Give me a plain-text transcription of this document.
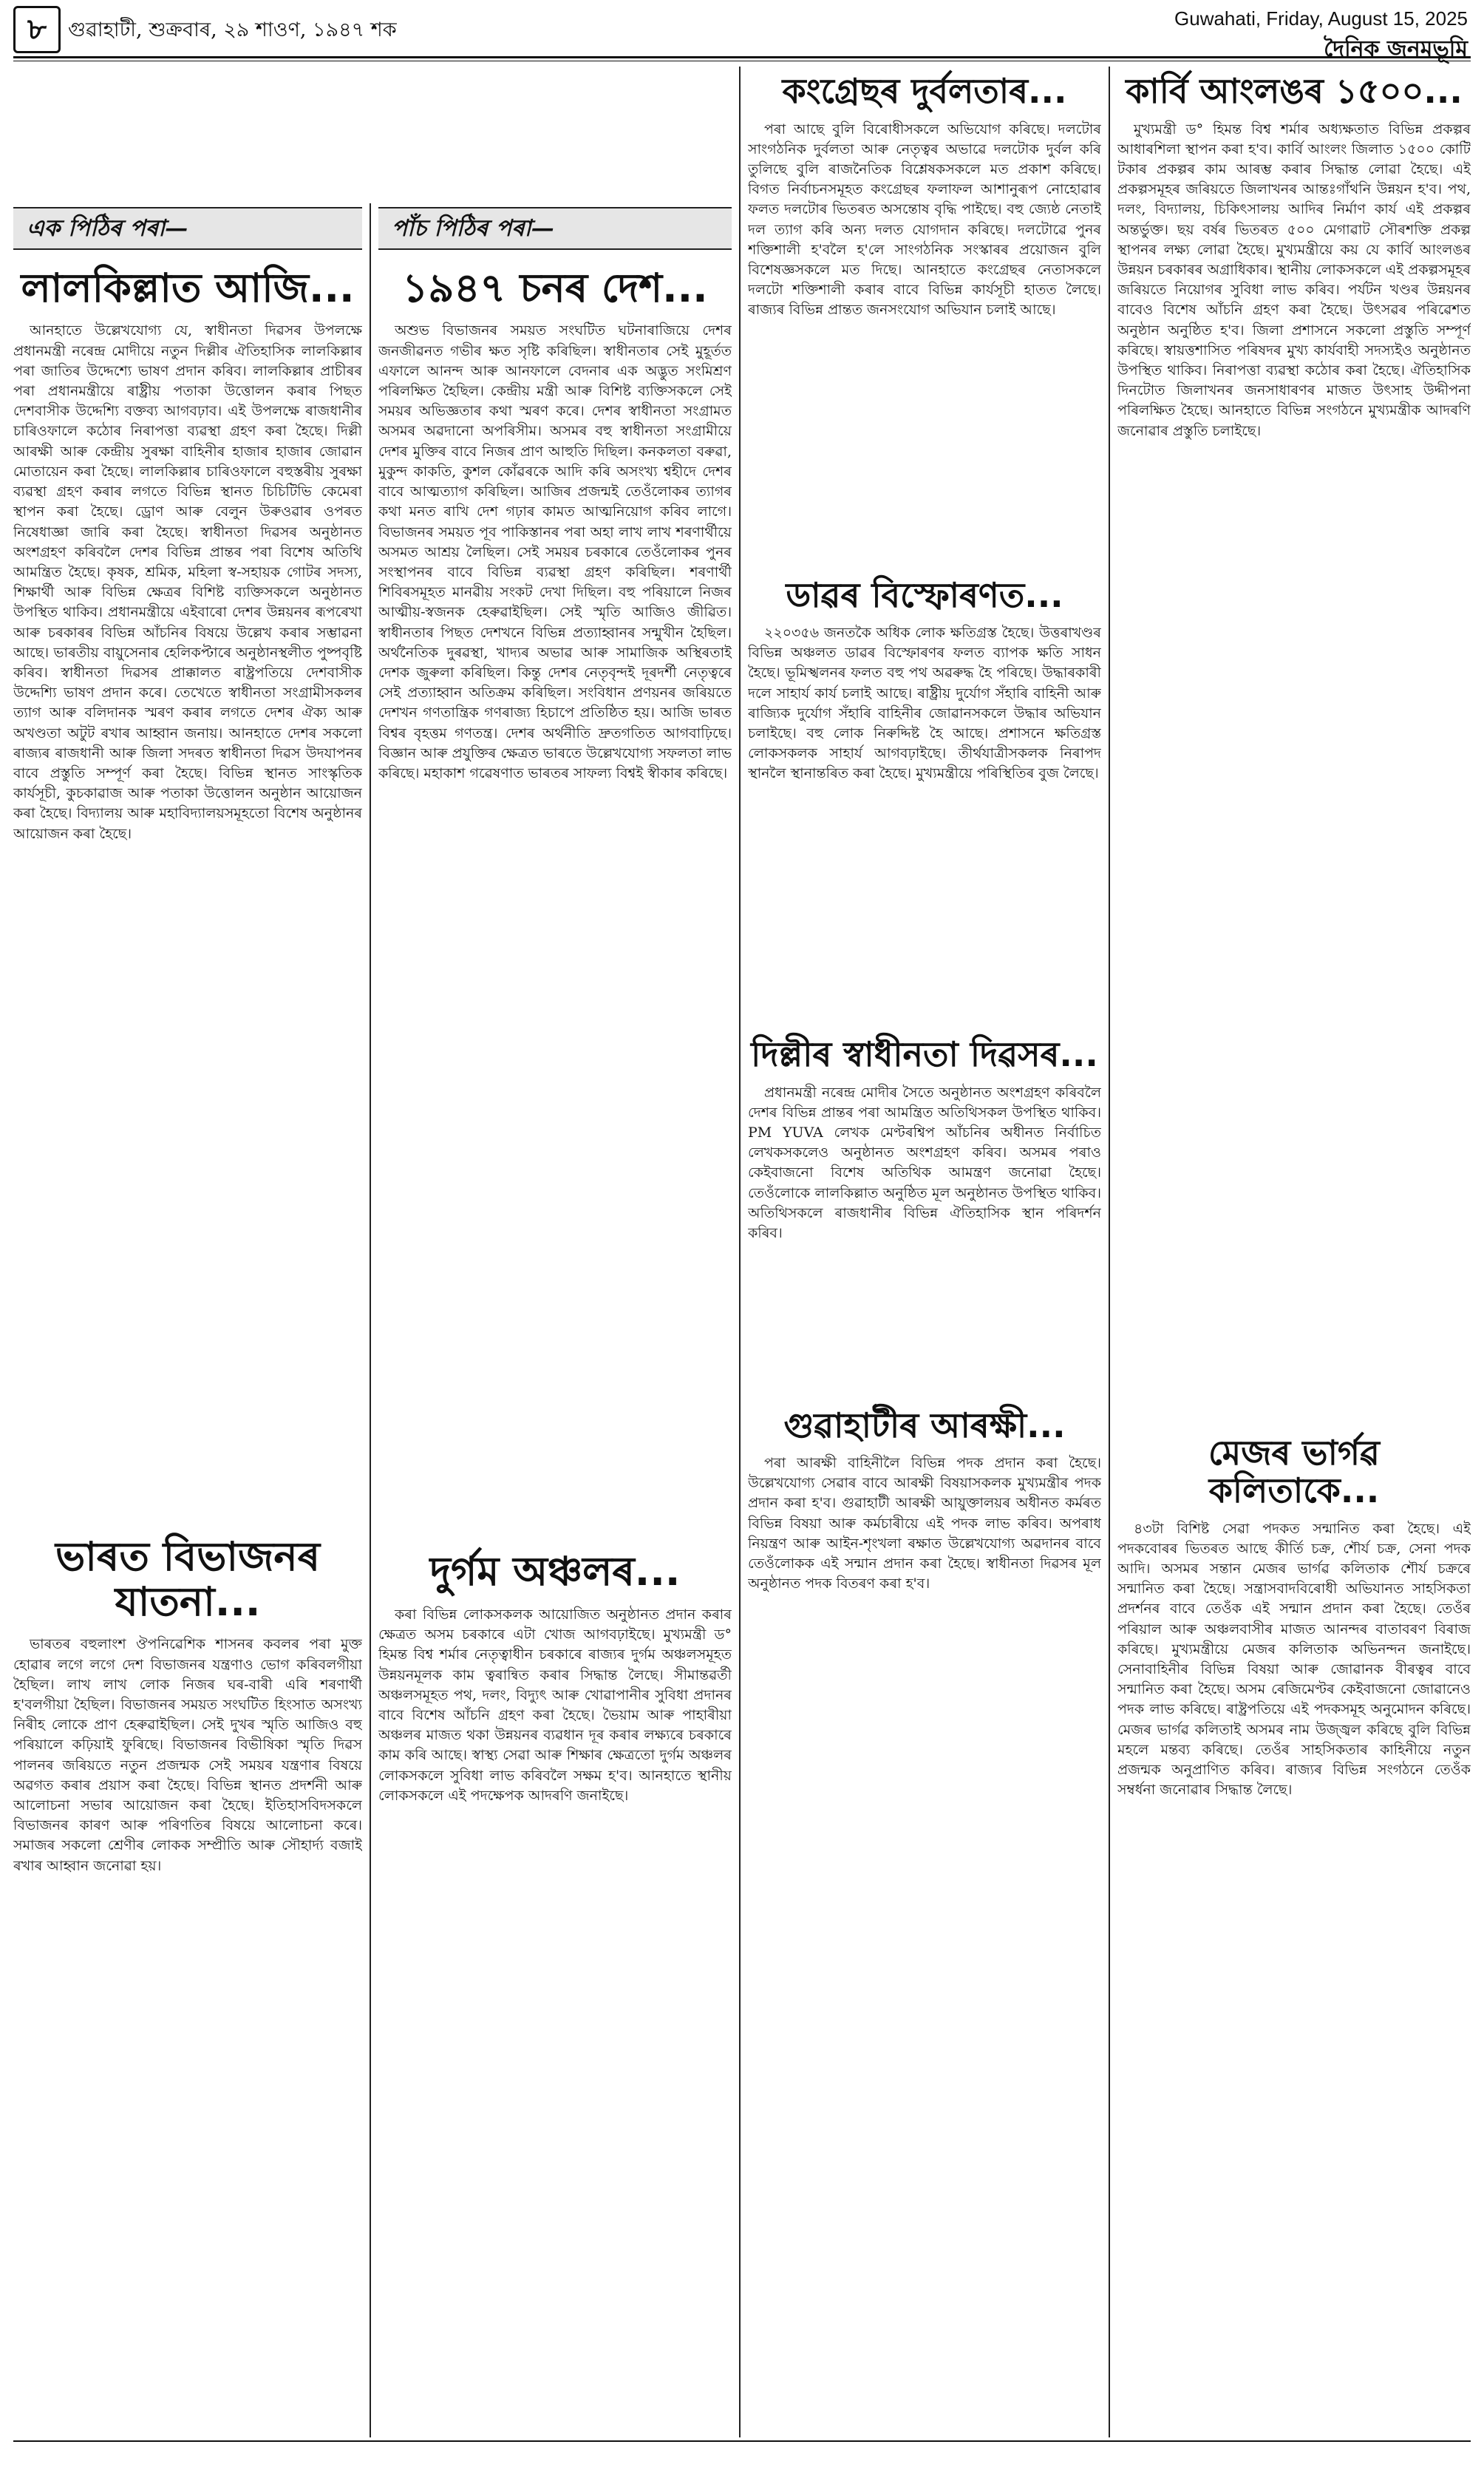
৮	গুৱাহাটী, শুক্ৰবাৰ, ২৯ শাওণ, ১৯৪৭ শক	Guwahati, Friday, August 15, 2025
দৈনিক জনমভূমি
এক পিঠিৰ পৰা—
লালকিল্লাত আজি...

আনহাতে উল্লেখযোগ্য যে, স্বাধীনতা দিৱসৰ উপলক্ষে প্ৰধানমন্ত্ৰী নৰেন্দ্ৰ মোদীয়ে নতুন দিল্লীৰ ঐতিহাসিক লালকিল্লাৰ পৰা জাতিৰ উদ্দেশ্যে ভাষণ প্ৰদান কৰিব। লালকিল্লাৰ প্ৰাচীৰৰ পৰা প্ৰধানমন্ত্ৰীয়ে ৰাষ্ট্ৰীয় পতাকা উত্তোলন কৰাৰ পিছত দেশবাসীক উদ্দেশ্যি বক্তব্য আগবঢ়াব। এই উপলক্ষে ৰাজধানীৰ চাৰিওফালে কঠোৰ নিৰাপত্তা ব্যৱস্থা গ্ৰহণ কৰা হৈছে। দিল্লী আৰক্ষী আৰু কেন্দ্ৰীয় সুৰক্ষা বাহিনীৰ হাজাৰ হাজাৰ জোৱান মোতায়েন কৰা হৈছে। লালকিল্লাৰ চাৰিওফালে বহুস্তৰীয় সুৰক্ষা ব্যৱস্থা গ্ৰহণ কৰাৰ লগতে বিভিন্ন স্থানত চিচিটিভি কেমেৰা স্থাপন কৰা হৈছে। ড্ৰোণ আৰু বেলুন উৰুওৱাৰ ওপৰত নিষেধাজ্ঞা জাৰি কৰা হৈছে। স্বাধীনতা দিৱসৰ অনুষ্ঠানত অংশগ্ৰহণ কৰিবলৈ দেশৰ বিভিন্ন প্ৰান্তৰ পৰা বিশেষ অতিথি আমন্ত্ৰিত হৈছে। কৃষক, শ্ৰমিক, মহিলা স্ব-সহায়ক গোটৰ সদস্য, শিক্ষাৰ্থী আৰু বিভিন্ন ক্ষেত্ৰৰ বিশিষ্ট ব্যক্তিসকলে অনুষ্ঠানত উপস্থিত থাকিব। প্ৰধানমন্ত্ৰীয়ে এইবাৰো দেশৰ উন্নয়নৰ ৰূপৰেখা আৰু চৰকাৰৰ বিভিন্ন আঁচনিৰ বিষয়ে উল্লেখ কৰাৰ সম্ভাৱনা আছে। ভাৰতীয় বায়ুসেনাৰ হেলিকপ্টাৰে অনুষ্ঠানস্থলীত পুষ্পবৃষ্টি কৰিব। স্বাধীনতা দিৱসৰ প্ৰাক্কালত ৰাষ্ট্ৰপতিয়ে দেশবাসীক উদ্দেশ্যি ভাষণ প্ৰদান কৰে। তেখেতে স্বাধীনতা সংগ্ৰামীসকলৰ ত্যাগ আৰু বলিদানক স্মৰণ কৰাৰ লগতে দেশৰ ঐক্য আৰু অখণ্ডতা অটুট ৰখাৰ আহ্বান জনায়। আনহাতে দেশৰ সকলো ৰাজ্যৰ ৰাজধানী আৰু জিলা সদৰত স্বাধীনতা দিৱস উদযাপনৰ বাবে প্ৰস্তুতি সম্পূৰ্ণ কৰা হৈছে। বিভিন্ন স্থানত সাংস্কৃতিক কাৰ্যসূচী, কুচকাৱাজ আৰু পতাকা উত্তোলন অনুষ্ঠান আয়োজন কৰা হৈছে। বিদ্যালয় আৰু মহাবিদ্যালয়সমূহতো বিশেষ অনুষ্ঠানৰ আয়োজন কৰা হৈছে।

ভাৰত বিভাজনৰ যাতনা...

ভাৰতৰ বহুলাংশ ঔপনিৱেশিক শাসনৰ কবলৰ পৰা মুক্ত হোৱাৰ লগে লগে দেশ বিভাজনৰ যন্ত্ৰণাও ভোগ কৰিবলগীয়া হৈছিল। লাখ লাখ লোক নিজৰ ঘৰ-বাৰী এৰি শৰণাৰ্থী হ'বলগীয়া হৈছিল। বিভাজনৰ সময়ত সংঘটিত হিংসাত অসংখ্য নিৰীহ লোকে প্ৰাণ হেৰুৱাইছিল। সেই দুখৰ স্মৃতি আজিও বহু পৰিয়ালে কঢ়িয়াই ফুৰিছে। বিভাজনৰ বিভীষিকা স্মৃতি দিৱস পালনৰ জৰিয়তে নতুন প্ৰজন্মক সেই সময়ৰ যন্ত্ৰণাৰ বিষয়ে অৱগত কৰাৰ প্ৰয়াস কৰা হৈছে। বিভিন্ন স্থানত প্ৰদৰ্শনী আৰু আলোচনা সভাৰ আয়োজন কৰা হৈছে। ইতিহাসবিদসকলে বিভাজনৰ কাৰণ আৰু পৰিণতিৰ বিষয়ে আলোচনা কৰে। সমাজৰ সকলো শ্ৰেণীৰ লোকক সম্প্ৰীতি আৰু সৌহাৰ্দ্য বজাই ৰখাৰ আহ্বান জনোৱা হয়।

পাঁচ পিঠিৰ পৰা—
১৯৪৭ চনৰ দেশ...

অশুভ বিভাজনৰ সময়ত সংঘটিত ঘটনাৰাজিয়ে দেশৰ জনজীৱনত গভীৰ ক্ষত সৃষ্টি কৰিছিল। স্বাধীনতাৰ সেই মুহূৰ্তত এফালে আনন্দ আৰু আনফালে বেদনাৰ এক অদ্ভুত সংমিশ্ৰণ পৰিলক্ষিত হৈছিল। কেন্দ্ৰীয় মন্ত্ৰী আৰু বিশিষ্ট ব্যক্তিসকলে সেই সময়ৰ অভিজ্ঞতাৰ কথা স্মৰণ কৰে। দেশৰ স্বাধীনতা সংগ্ৰামত অসমৰ অৱদানো অপৰিসীম। অসমৰ বহু স্বাধীনতা সংগ্ৰামীয়ে দেশৰ মুক্তিৰ বাবে নিজৰ প্ৰাণ আহুতি দিছিল। কনকলতা বৰুৱা, মুকুন্দ কাকতি, কুশল কোঁৱৰকে আদি কৰি অসংখ্য শ্বহীদে দেশৰ বাবে আত্মত্যাগ কৰিছিল। আজিৰ প্ৰজন্মই তেওঁলোকৰ ত্যাগৰ কথা মনত ৰাখি দেশ গঢ়াৰ কামত আত্মনিয়োগ কৰিব লাগে। বিভাজনৰ সময়ত পূব পাকিস্তানৰ পৰা অহা লাখ লাখ শৰণাৰ্থীয়ে অসমত আশ্ৰয় লৈছিল। সেই সময়ৰ চৰকাৰে তেওঁলোকৰ পুনৰ সংস্থাপনৰ বাবে বিভিন্ন ব্যৱস্থা গ্ৰহণ কৰিছিল। শৰণাৰ্থী শিবিৰসমূহত মানৱীয় সংকট দেখা দিছিল। বহু পৰিয়ালে নিজৰ আত্মীয়-স্বজনক হেৰুৱাইছিল। সেই স্মৃতি আজিও জীৱিত। স্বাধীনতাৰ পিছত দেশখনে বিভিন্ন প্ৰত্যাহ্বানৰ সন্মুখীন হৈছিল। অৰ্থনৈতিক দুৰৱস্থা, খাদ্যৰ অভাৱ আৰু সামাজিক অস্থিৰতাই দেশক জুৰুলা কৰিছিল। কিন্তু দেশৰ নেতৃবৃন্দই দূৰদৰ্শী নেতৃত্বৰে সেই প্ৰত্যাহ্বান অতিক্ৰম কৰিছিল। সংবিধান প্ৰণয়নৰ জৰিয়তে দেশখন গণতান্ত্ৰিক গণৰাজ্য হিচাপে প্ৰতিষ্ঠিত হয়। আজি ভাৰত বিশ্বৰ বৃহত্তম গণতন্ত্ৰ। দেশৰ অৰ্থনীতি দ্ৰুতগতিত আগবাঢ়িছে। বিজ্ঞান আৰু প্ৰযুক্তিৰ ক্ষেত্ৰত ভাৰতে উল্লেখযোগ্য সফলতা লাভ কৰিছে। মহাকাশ গৱেষণাত ভাৰতৰ সাফল্য বিশ্বই স্বীকাৰ কৰিছে।

দুৰ্গম অঞ্চলৰ...

কৰা বিভিন্ন লোকসকলক আয়োজিত অনুষ্ঠানত প্ৰদান কৰাৰ ক্ষেত্ৰত অসম চৰকাৰে এটা খোজ আগবঢ়াইছে। মুখ্যমন্ত্ৰী ড° হিমন্ত বিশ্ব শৰ্মাৰ নেতৃত্বাধীন চৰকাৰে ৰাজ্যৰ দুৰ্গম অঞ্চলসমূহত উন্নয়নমূলক কাম ত্বৰান্বিত কৰাৰ সিদ্ধান্ত লৈছে। সীমান্তৱৰ্তী অঞ্চলসমূহত পথ, দলং, বিদ্যুৎ আৰু খোৱাপানীৰ সুবিধা প্ৰদানৰ বাবে বিশেষ আঁচনি গ্ৰহণ কৰা হৈছে। ভৈয়াম আৰু পাহাৰীয়া অঞ্চলৰ মাজত থকা উন্নয়নৰ ব্যৱধান দূৰ কৰাৰ লক্ষ্যৰে চৰকাৰে কাম কৰি আছে। স্বাস্থ্য সেৱা আৰু শিক্ষাৰ ক্ষেত্ৰতো দুৰ্গম অঞ্চলৰ লোকসকলে সুবিধা লাভ কৰিবলৈ সক্ষম হ'ব। আনহাতে স্থানীয় লোকসকলে এই পদক্ষেপক আদৰণি জনাইছে।

কংগ্ৰেছৰ দুৰ্বলতাৰ...

পৰা আছে বুলি বিৰোধীসকলে অভিযোগ কৰিছে। দলটোৰ সাংগঠনিক দুৰ্বলতা আৰু নেতৃত্বৰ অভাৱে দলটোক দুৰ্বল কৰি তুলিছে বুলি ৰাজনৈতিক বিশ্লেষকসকলে মত প্ৰকাশ কৰিছে। বিগত নিৰ্বাচনসমূহত কংগ্ৰেছৰ ফলাফল আশানুৰূপ নোহোৱাৰ ফলত দলটোৰ ভিতৰত অসন্তোষ বৃদ্ধি পাইছে। বহু জ্যেষ্ঠ নেতাই দল ত্যাগ কৰি অন্য দলত যোগদান কৰিছে। দলটোৱে পুনৰ শক্তিশালী হ'বলৈ হ'লে সাংগঠনিক সংস্কাৰৰ প্ৰয়োজন বুলি বিশেষজ্ঞসকলে মত দিছে। আনহাতে কংগ্ৰেছৰ নেতাসকলে দলটো শক্তিশালী কৰাৰ বাবে বিভিন্ন কাৰ্যসূচী হাতত লৈছে। ৰাজ্যৰ বিভিন্ন প্ৰান্তত জনসংযোগ অভিযান চলাই আছে।

ডাৱৰ বিস্ফোৰণত...

২২০৩৫৬ জনতকৈ অধিক লোক ক্ষতিগ্ৰস্ত হৈছে। উত্তৰাখণ্ডৰ বিভিন্ন অঞ্চলত ডাৱৰ বিস্ফোৰণৰ ফলত ব্যাপক ক্ষতি সাধন হৈছে। ভূমিস্খলনৰ ফলত বহু পথ অৱৰুদ্ধ হৈ পৰিছে। উদ্ধাৰকাৰী দলে সাহাৰ্য কাৰ্য চলাই আছে। ৰাষ্ট্ৰীয় দুৰ্যোগ সঁহাৰি বাহিনী আৰু ৰাজ্যিক দুৰ্যোগ সঁহাৰি বাহিনীৰ জোৱানসকলে উদ্ধাৰ অভিযান চলাইছে। বহু লোক নিৰুদ্দিষ্ট হৈ আছে। প্ৰশাসনে ক্ষতিগ্ৰস্ত লোকসকলক সাহাৰ্য আগবঢ়াইছে। তীৰ্থযাত্ৰীসকলক নিৰাপদ স্থানলৈ স্থানান্তৰিত কৰা হৈছে। মুখ্যমন্ত্ৰীয়ে পৰিস্থিতিৰ বুজ লৈছে।

দিল্লীৰ স্বাধীনতা দিৱসৰ...

প্ৰধানমন্ত্ৰী নৰেন্দ্ৰ মোদীৰ সৈতে অনুষ্ঠানত অংশগ্ৰহণ কৰিবলৈ দেশৰ বিভিন্ন প্ৰান্তৰ পৰা আমন্ত্ৰিত অতিথিসকল উপস্থিত থাকিব। PM YUVA লেখক মেণ্টৰশ্বিপ আঁচনিৰ অধীনত নিৰ্বাচিত লেখকসকলেও অনুষ্ঠানত অংশগ্ৰহণ কৰিব। অসমৰ পৰাও কেইবাজনো বিশেষ অতিথিক আমন্ত্ৰণ জনোৱা হৈছে। তেওঁলোকে লালকিল্লাত অনুষ্ঠিত মূল অনুষ্ঠানত উপস্থিত থাকিব। অতিথিসকলে ৰাজধানীৰ বিভিন্ন ঐতিহাসিক স্থান পৰিদৰ্শন কৰিব।

গুৱাহাটীৰ আৰক্ষী...

পৰা আৰক্ষী বাহিনীলৈ বিভিন্ন পদক প্ৰদান কৰা হৈছে। উল্লেখযোগ্য সেৱাৰ বাবে আৰক্ষী বিষয়াসকলক মুখ্যমন্ত্ৰীৰ পদক প্ৰদান কৰা হ'ব। গুৱাহাটী আৰক্ষী আয়ুক্তালয়ৰ অধীনত কৰ্মৰত বিভিন্ন বিষয়া আৰু কৰ্মচাৰীয়ে এই পদক লাভ কৰিব। অপৰাধ নিয়ন্ত্ৰণ আৰু আইন-শৃংখলা ৰক্ষাত উল্লেখযোগ্য অৱদানৰ বাবে তেওঁলোকক এই সন্মান প্ৰদান কৰা হৈছে। স্বাধীনতা দিৱসৰ মূল অনুষ্ঠানত পদক বিতৰণ কৰা হ'ব।

কাৰ্বি আংলঙৰ ১৫০০...

মুখ্যমন্ত্ৰী ড° হিমন্ত বিশ্ব শৰ্মাৰ অধ্যক্ষতাত বিভিন্ন প্ৰকল্পৰ আধাৰশিলা স্থাপন কৰা হ'ব। কাৰ্বি আংলং জিলাত ১৫০০ কোটি টকাৰ প্ৰকল্পৰ কাম আৰম্ভ কৰাৰ সিদ্ধান্ত লোৱা হৈছে। এই প্ৰকল্পসমূহৰ জৰিয়তে জিলাখনৰ আন্তঃগাঁথনি উন্নয়ন হ'ব। পথ, দলং, বিদ্যালয়, চিকিৎসালয় আদিৰ নিৰ্মাণ কাৰ্য এই প্ৰকল্পৰ অন্তৰ্ভুক্ত। ছয় বৰ্ষৰ ভিতৰত ৫০০ মেগাৱাট সৌৰশক্তি প্ৰকল্প স্থাপনৰ লক্ষ্য লোৱা হৈছে। মুখ্যমন্ত্ৰীয়ে কয় যে কাৰ্বি আংলঙৰ উন্নয়ন চৰকাৰৰ অগ্ৰাধিকাৰ। স্থানীয় লোকসকলে এই প্ৰকল্পসমূহৰ জৰিয়তে নিয়োগৰ সুবিধা লাভ কৰিব। পৰ্যটন খণ্ডৰ উন্নয়নৰ বাবেও বিশেষ আঁচনি গ্ৰহণ কৰা হৈছে। উৎসৱৰ পৰিৱেশত অনুষ্ঠান অনুষ্ঠিত হ'ব। জিলা প্ৰশাসনে সকলো প্ৰস্তুতি সম্পূৰ্ণ কৰিছে। স্বায়ত্তশাসিত পৰিষদৰ মুখ্য কাৰ্যবাহী সদস্যইও অনুষ্ঠানত উপস্থিত থাকিব। নিৰাপত্তা ব্যৱস্থা কঠোৰ কৰা হৈছে। ঐতিহাসিক দিনটোত জিলাখনৰ জনসাধাৰণৰ মাজত উৎসাহ উদ্দীপনা পৰিলক্ষিত হৈছে। আনহাতে বিভিন্ন সংগঠনে মুখ্যমন্ত্ৰীক আদৰণি জনোৱাৰ প্ৰস্তুতি চলাইছে।

মেজৰ ভাৰ্গৱ কলিতাকে...

৪৩টা বিশিষ্ট সেৱা পদকত সন্মানিত কৰা হৈছে। এই পদকবোৰৰ ভিতৰত আছে কীৰ্তি চক্ৰ, শৌৰ্য চক্ৰ, সেনা পদক আদি। অসমৰ সন্তান মেজৰ ভাৰ্গৱ কলিতাক শৌৰ্য চক্ৰৰে সন্মানিত কৰা হৈছে। সন্ত্ৰাসবাদবিৰোধী অভিযানত সাহসিকতা প্ৰদৰ্শনৰ বাবে তেওঁক এই সন্মান প্ৰদান কৰা হৈছে। তেওঁৰ পৰিয়াল আৰু অঞ্চলবাসীৰ মাজত আনন্দৰ বাতাবৰণ বিৰাজ কৰিছে। মুখ্যমন্ত্ৰীয়ে মেজৰ কলিতাক অভিনন্দন জনাইছে। সেনাবাহিনীৰ বিভিন্ন বিষয়া আৰু জোৱানক বীৰত্বৰ বাবে সন্মানিত কৰা হৈছে। অসম ৰেজিমেণ্টৰ কেইবাজনো জোৱানেও পদক লাভ কৰিছে। ৰাষ্ট্ৰপতিয়ে এই পদকসমূহ অনুমোদন কৰিছে। মেজৰ ভাৰ্গৱ কলিতাই অসমৰ নাম উজ্জ্বল কৰিছে বুলি বিভিন্ন মহলে মন্তব্য কৰিছে। তেওঁৰ সাহসিকতাৰ কাহিনীয়ে নতুন প্ৰজন্মক অনুপ্ৰাণিত কৰিব। ৰাজ্যৰ বিভিন্ন সংগঠনে তেওঁক সম্বৰ্ধনা জনোৱাৰ সিদ্ধান্ত লৈছে।
